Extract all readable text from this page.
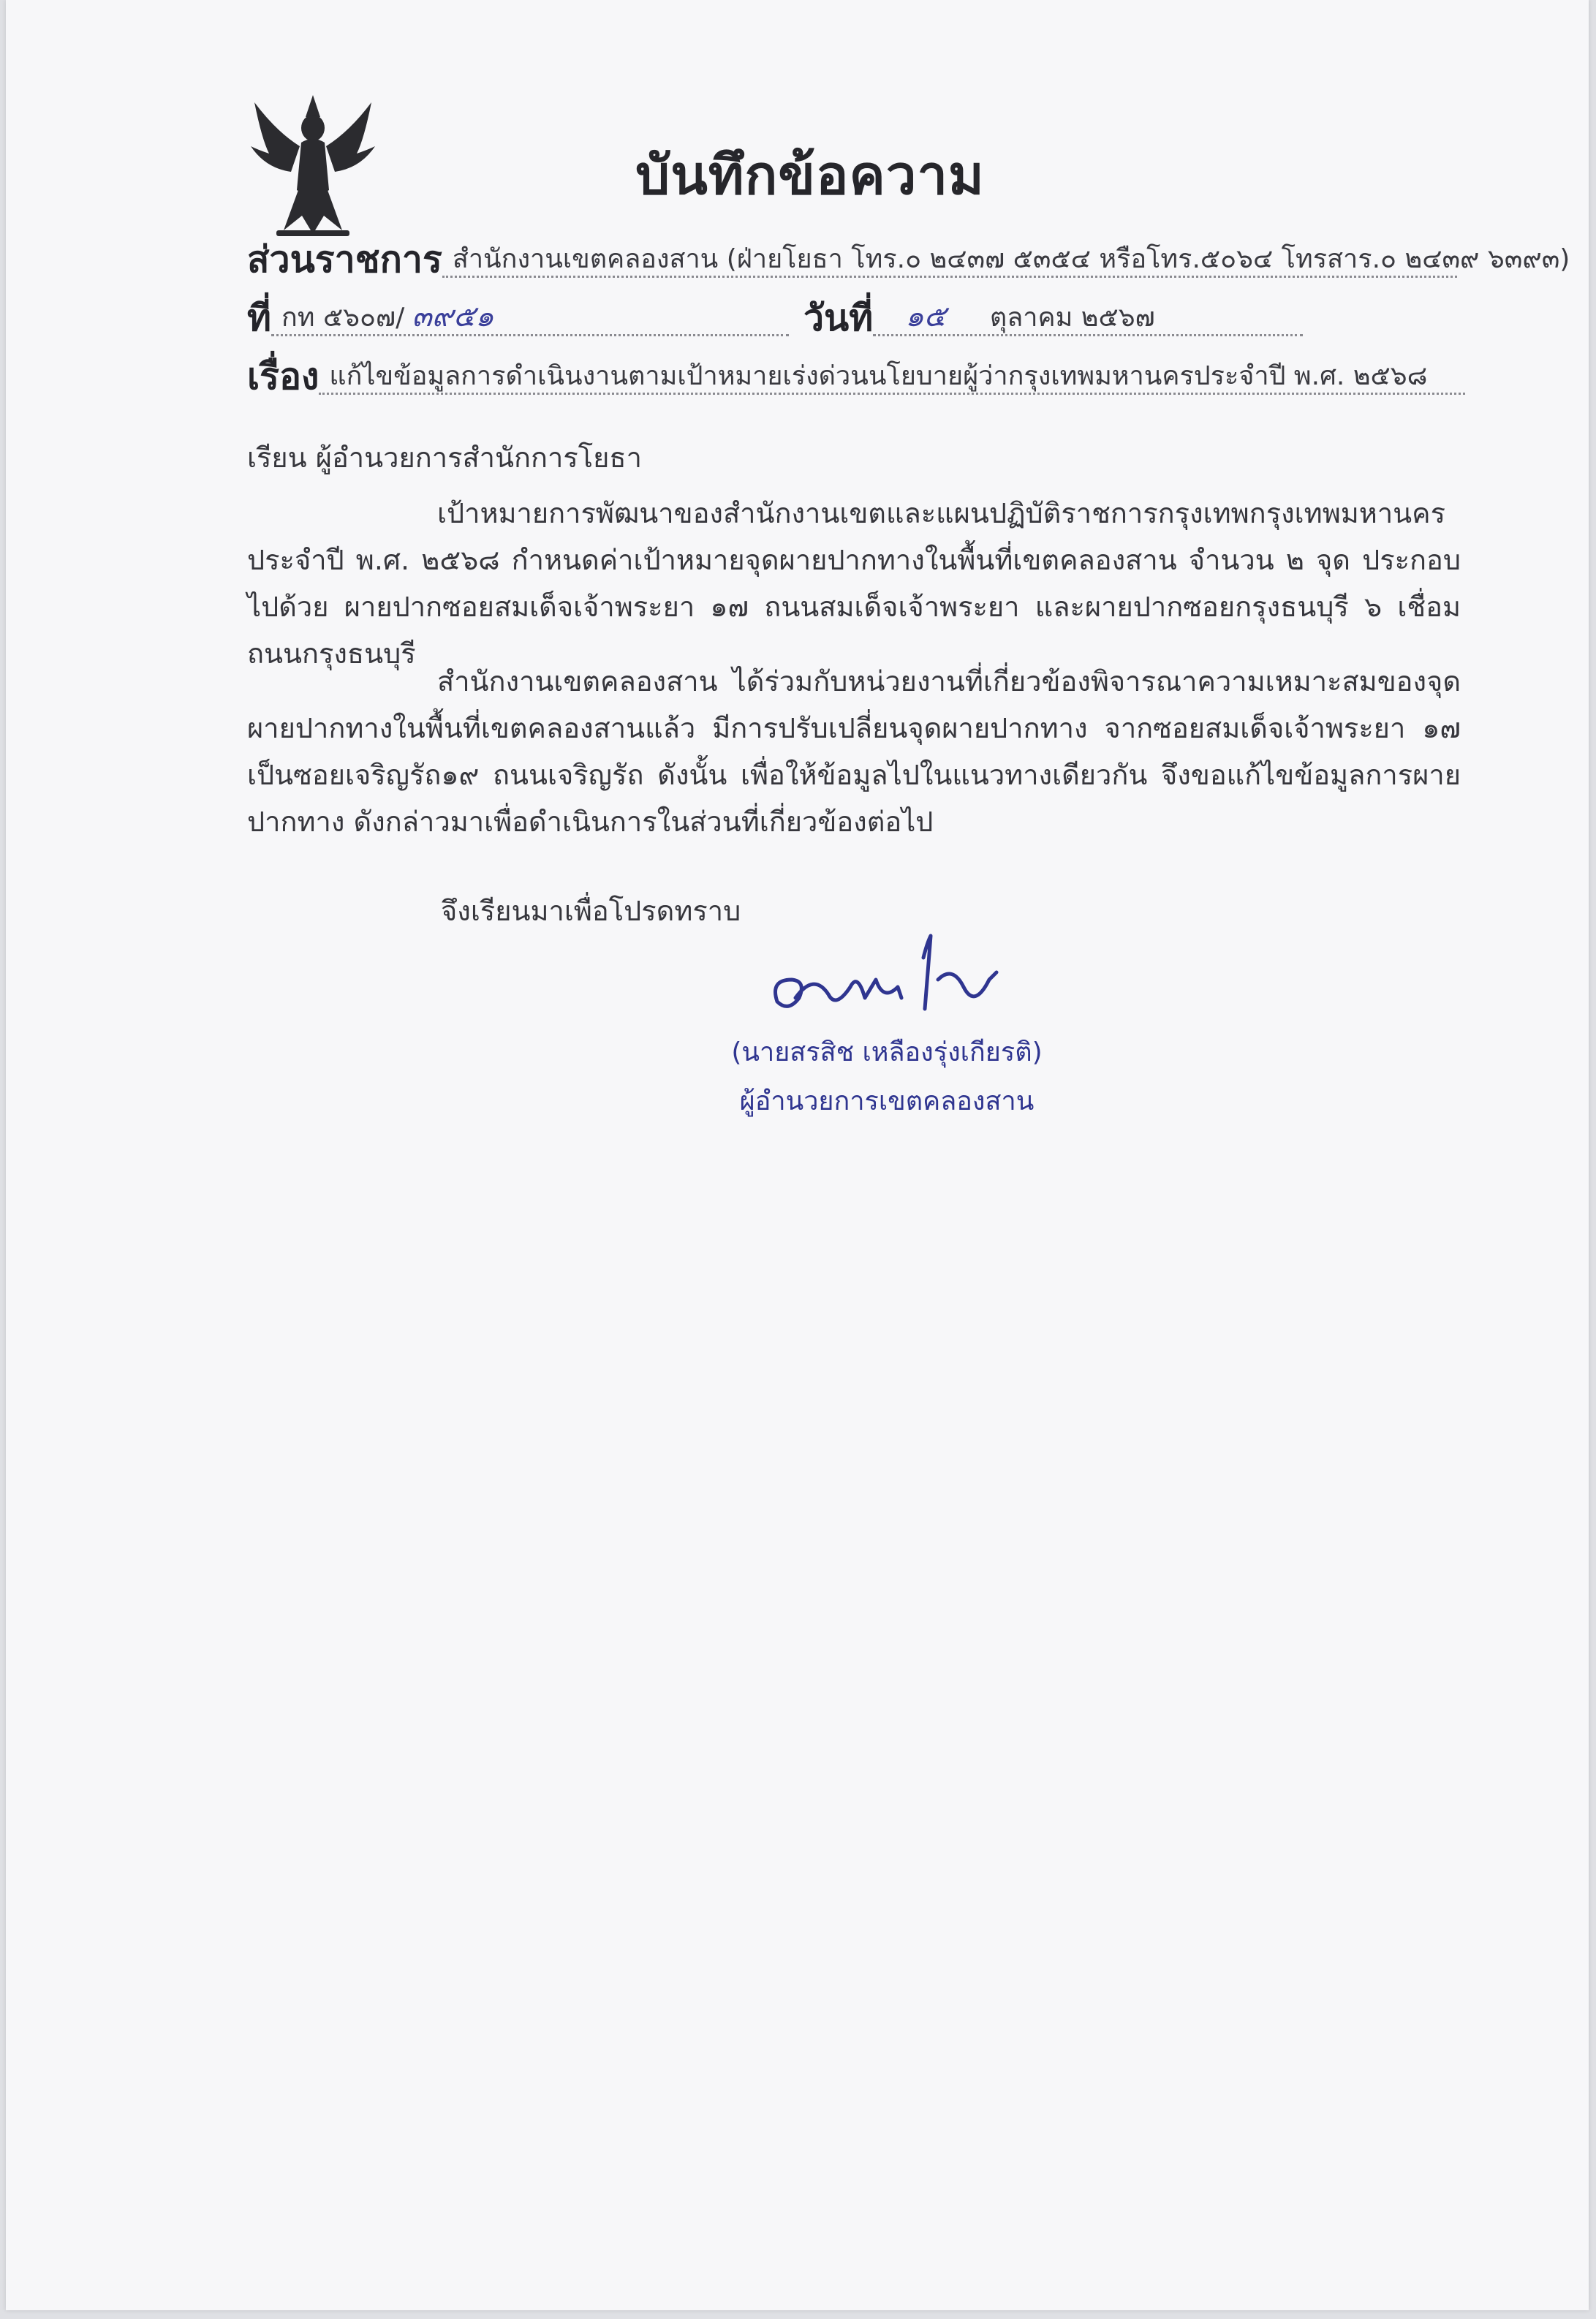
บันทึกข้อความ
ส่วนราชการ สำนักงานเขตคลองสาน (ฝ่ายโยธา โทร.๐ ๒๔๓๗ ๕๓๕๔ หรือโทร.๕๐๖๔ โทรสาร.๐ ๒๔๓๙ ๖๓๙๓)
ที่ กท ๕๖๐๗/ ๓๙๕๑	วันที่	๑๕ ตุลาคม ๒๕๖๗
เรื่อง แก้ไขข้อมูลการดำเนินงานตามเป้าหมายเร่งด่วนนโยบายผู้ว่ากรุงเทพมหานครประจำปี พ.ศ. ๒๕๖๘
เรียน ผู้อำนวยการสำนักการโยธา

เป้าหมายการพัฒนาของสำนักงานเขตและแผนปฏิบัติราชการกรุงเทพกรุงเทพมหานคร ประจำปี พ.ศ. ๒๕๖๘ กำหนดค่าเป้าหมายจุดผายปากทางในพื้นที่เขตคลองสาน จำนวน ๒ จุด ประกอบไปด้วย ผายปากซอยสมเด็จเจ้าพระยา ๑๗ ถนนสมเด็จเจ้าพระยา และผายปากซอยกรุงธนบุรี ๖ เชื่อมถนนกรุงธนบุรี

สำนักงานเขตคลองสาน ได้ร่วมกับหน่วยงานที่เกี่ยวข้องพิจารณาความเหมาะสมของจุด ผายปากทางในพื้นที่เขตคลองสานแล้ว มีการปรับเปลี่ยนจุดผายปากทาง จากซอยสมเด็จเจ้าพระยา ๑๗ เป็นซอยเจริญรัถ๑๙ ถนนเจริญรัถ ดังนั้น เพื่อให้ข้อมูลไปในแนวทางเดียวกัน จึงขอแก้ไขข้อมูลการผายปากทาง ดังกล่าวมาเพื่อดำเนินการในส่วนที่เกี่ยวข้องต่อไป

จึงเรียนมาเพื่อโปรดทราบ
(นายสรสิช เหลืองรุ่งเกียรติ)
ผู้อำนวยการเขตคลองสาน
